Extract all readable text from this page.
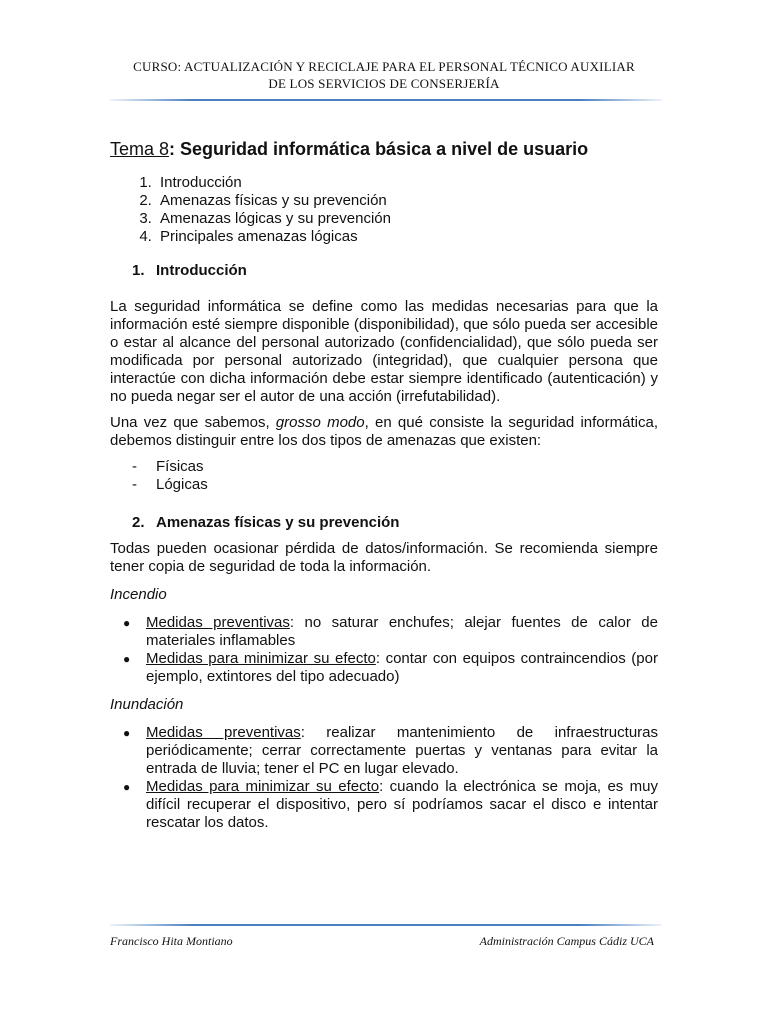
CURSO: ACTUALIZACIÓN Y RECICLAJE PARA EL PERSONAL TÉCNICO AUXILIAR
DE LOS SERVICIOS DE CONSERJERÍA
Tema 8: Seguridad informática básica a nivel de usuario
1. Introducción
2. Amenazas físicas y su prevención
3. Amenazas lógicas y su prevención
4. Principales amenazas lógicas
1. Introducción

La seguridad informática se define como las medidas necesarias para que la información esté siempre disponible (disponibilidad), que sólo pueda ser accesible o estar al alcance del personal autorizado (confidencialidad), que sólo pueda ser modificada por personal autorizado (integridad), que cualquier persona que interactúe con dicha información debe estar siempre identificado (autenticación) y no pueda negar ser el autor de una acción (irrefutabilidad).

Una vez que sabemos, grosso modo, en qué consiste la seguridad informática, debemos distinguir entre los dos tipos de amenazas que existen:

- Físicas
- Lógicas
2. Amenazas físicas y su prevención

Todas pueden ocasionar pérdida de datos/información. Se recomienda siempre tener copia de seguridad de toda la información.

Incendio
● Medidas preventivas: no saturar enchufes; alejar fuentes de calor de materiales inflamables
● Medidas para minimizar su efecto: contar con equipos contraincendios (por ejemplo, extintores del tipo adecuado)
Inundación
● Medidas preventivas: realizar mantenimiento de infraestructuras periódicamente; cerrar correctamente puertas y ventanas para evitar la entrada de lluvia; tener el PC en lugar elevado.
● Medidas para minimizar su efecto: cuando la electrónica se moja, es muy difícil recuperar el dispositivo, pero sí podríamos sacar el disco e intentar rescatar los datos.
Francisco Hita Montiano	Administración Campus Cádiz UCA
